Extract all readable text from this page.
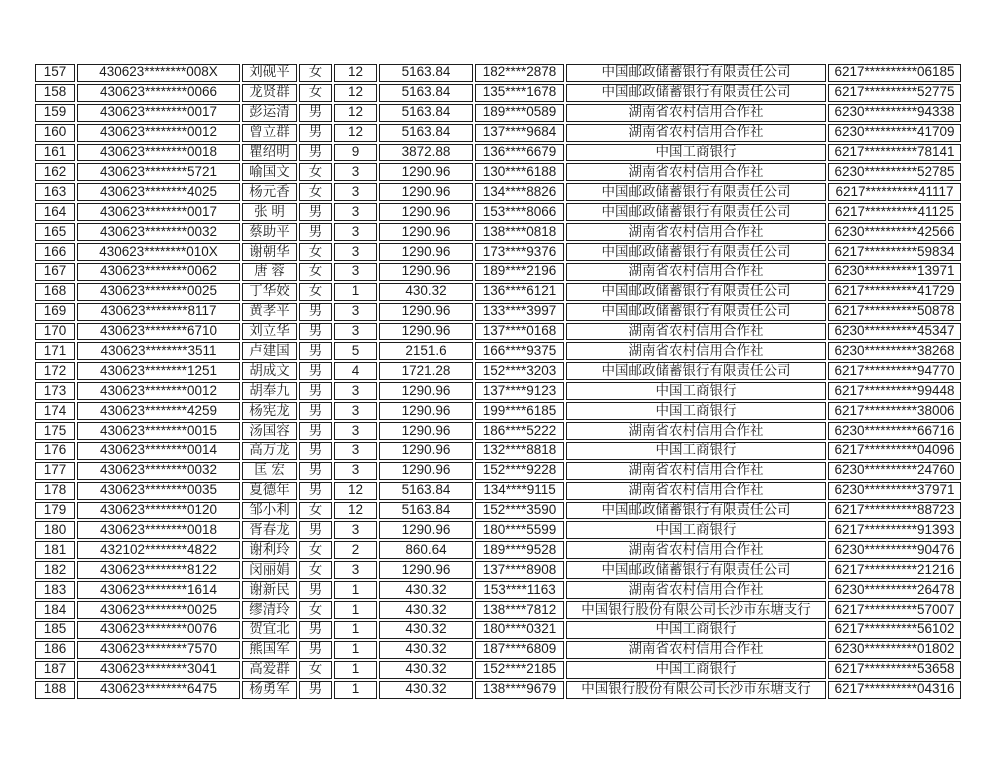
157	430623********008X	刘砚平	女	12	5163.84	182****2878	中国邮政储蓄银行有限责任公司	6217**********06185
158	430623********0066	龙贤群	女	12	5163.84	135****1678	中国邮政储蓄银行有限责任公司	6217**********52775
159	430623********0017	彭运清	男	12	5163.84	189****0589	湖南省农村信用合作社	6230**********94338
160	430623********0012	曾立群	男	12	5163.84	137****9684	湖南省农村信用合作社	6230**********41709
161	430623********0018	瞿绍明	男	9	3872.88	136****6679	中国工商银行	6217**********78141
162	430623********5721	喻国文	女	3	1290.96	130****6188	湖南省农村信用合作社	6230**********52785
163	430623********4025	杨元香	女	3	1290.96	134****8826	中国邮政储蓄银行有限责任公司	6217**********41117
164	430623********0017	张 明	男	3	1290.96	153****8066	中国邮政储蓄银行有限责任公司	6217**********41125
165	430623********0032	蔡助平	男	3	1290.96	138****0818	湖南省农村信用合作社	6230**********42566
166	430623********010X	谢朝华	女	3	1290.96	173****9376	中国邮政储蓄银行有限责任公司	6217**********59834
167	430623********0062	唐 蓉	女	3	1290.96	189****2196	湖南省农村信用合作社	6230**********13971
168	430623********0025	丁华姣	女	1	430.32	136****6121	中国邮政储蓄银行有限责任公司	6217**********41729
169	430623********8117	黄孝平	男	3	1290.96	133****3997	中国邮政储蓄银行有限责任公司	6217**********50878
170	430623********6710	刘立华	男	3	1290.96	137****0168	湖南省农村信用合作社	6230**********45347
171	430623********3511	卢建国	男	5	2151.6	166****9375	湖南省农村信用合作社	6230**********38268
172	430623********1251	胡成文	男	4	1721.28	152****3203	中国邮政储蓄银行有限责任公司	6217**********94770
173	430623********0012	胡奉九	男	3	1290.96	137****9123	中国工商银行	6217**********99448
174	430623********4259	杨宪龙	男	3	1290.96	199****6185	中国工商银行	6217**********38006
175	430623********0015	汤国容	男	3	1290.96	186****5222	湖南省农村信用合作社	6230**********66716
176	430623********0014	高万龙	男	3	1290.96	132****8818	中国工商银行	6217**********04096
177	430623********0032	匡 宏	男	3	1290.96	152****9228	湖南省农村信用合作社	6230**********24760
178	430623********0035	夏德年	男	12	5163.84	134****9115	湖南省农村信用合作社	6230**********37971
179	430623********0120	邹小利	女	12	5163.84	152****3590	中国邮政储蓄银行有限责任公司	6217**********88723
180	430623********0018	胥春龙	男	3	1290.96	180****5599	中国工商银行	6217**********91393
181	432102********4822	谢利玲	女	2	860.64	189****9528	湖南省农村信用合作社	6230**********90476
182	430623********8122	闵丽娟	女	3	1290.96	137****8908	中国邮政储蓄银行有限责任公司	6217**********21216
183	430623********1614	谢新民	男	1	430.32	153****1163	湖南省农村信用合作社	6230**********26478
184	430623********0025	缪清玲	女	1	430.32	138****7812	中国银行股份有限公司长沙市东塘支行	6217**********57007
185	430623********0076	贺宜北	男	1	430.32	180****0321	中国工商银行	6217**********56102
186	430623********7570	熊国军	男	1	430.32	187****6809	湖南省农村信用合作社	6230**********01802
187	430623********3041	高爱群	女	1	430.32	152****2185	中国工商银行	6217**********53658
188	430623********6475	杨勇军	男	1	430.32	138****9679	中国银行股份有限公司长沙市东塘支行	6217**********04316
